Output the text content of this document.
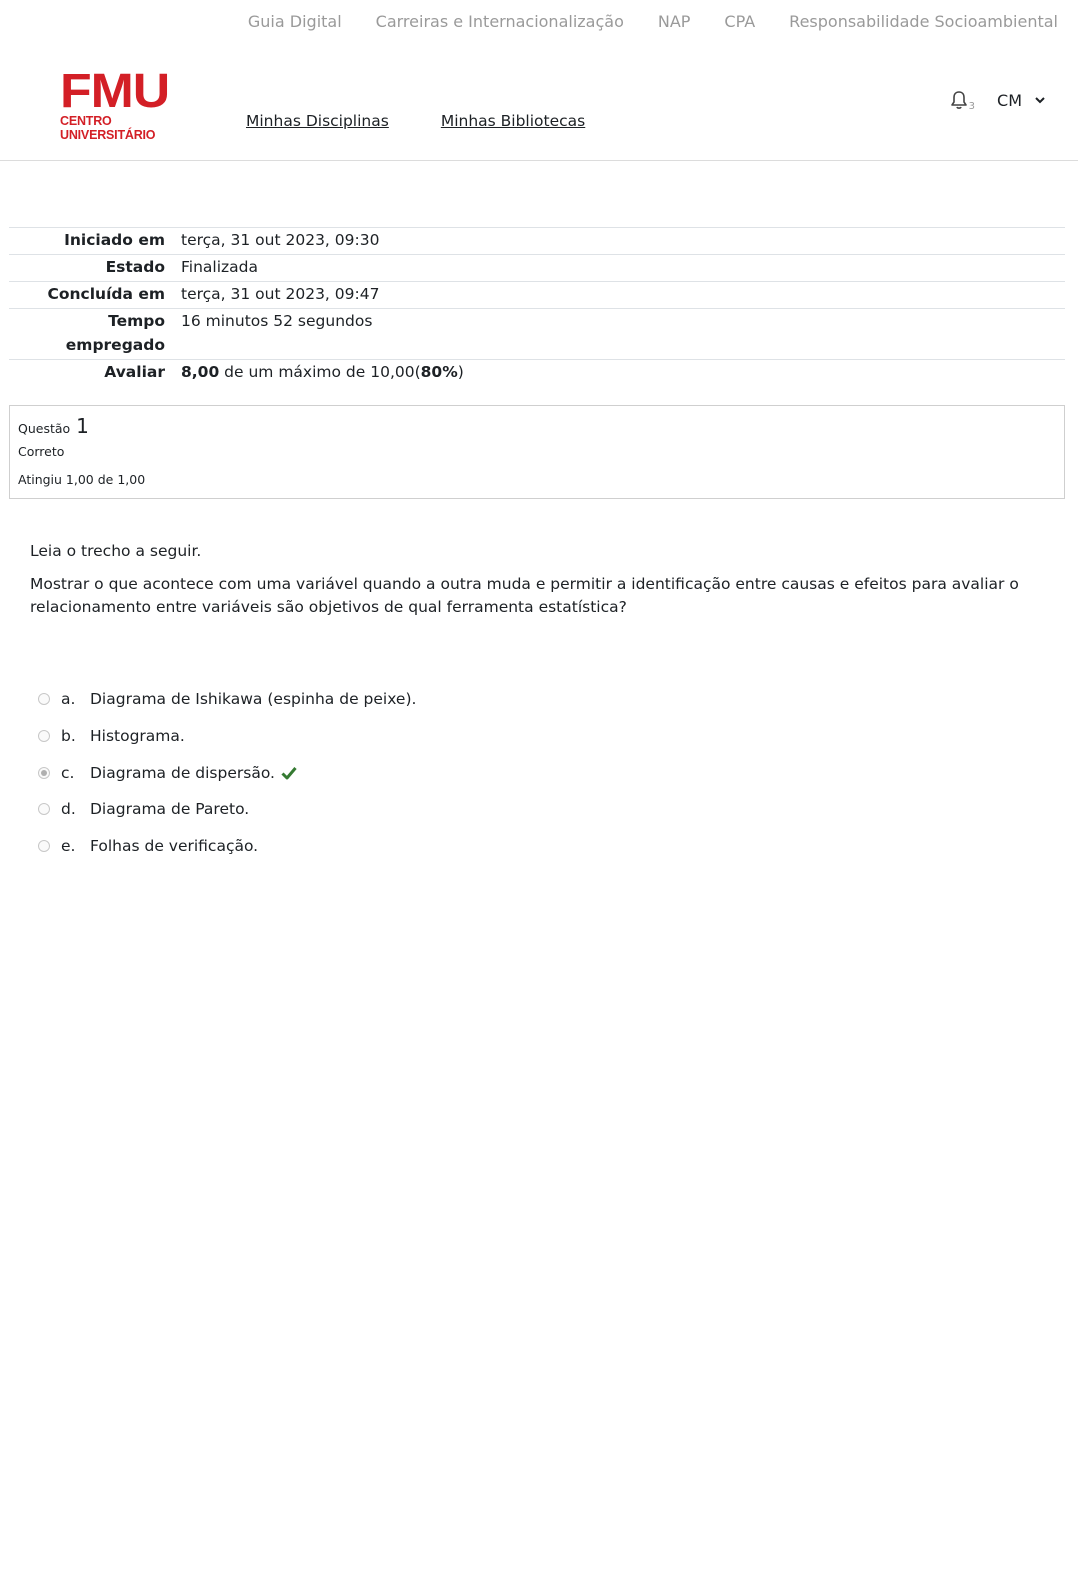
Guia Digital Carreiras e Internacionalização NAP CPA Responsabilidade Socioambiental
FMU
CENTRO UNIVERSITÁRIO
Minhas Disciplinas	Minhas Bibliotecas
3 CM
Iniciado em	terça, 31 out 2023, 09:30
Estado	Finalizada
Concluída em	terça, 31 out 2023, 09:47
Tempo
empregado	16 minutos 52 segundos
Avaliar	8,00 de um máximo de 10,00(80%)
Questão 1
Correto
Atingiu 1,00 de 1,00

Leia o trecho a seguir.

Mostrar o que acontece com uma variável quando a outra muda e permitir a identificação entre causas e efeitos para avaliar o relacionamento entre variáveis são objetivos de qual ferramenta estatística?

a. Diagrama de Ishikawa (espinha de peixe).
b. Histograma.
c.	Diagrama de dispersão.
d. Diagrama de Pareto.
e. Folhas de verificação.
